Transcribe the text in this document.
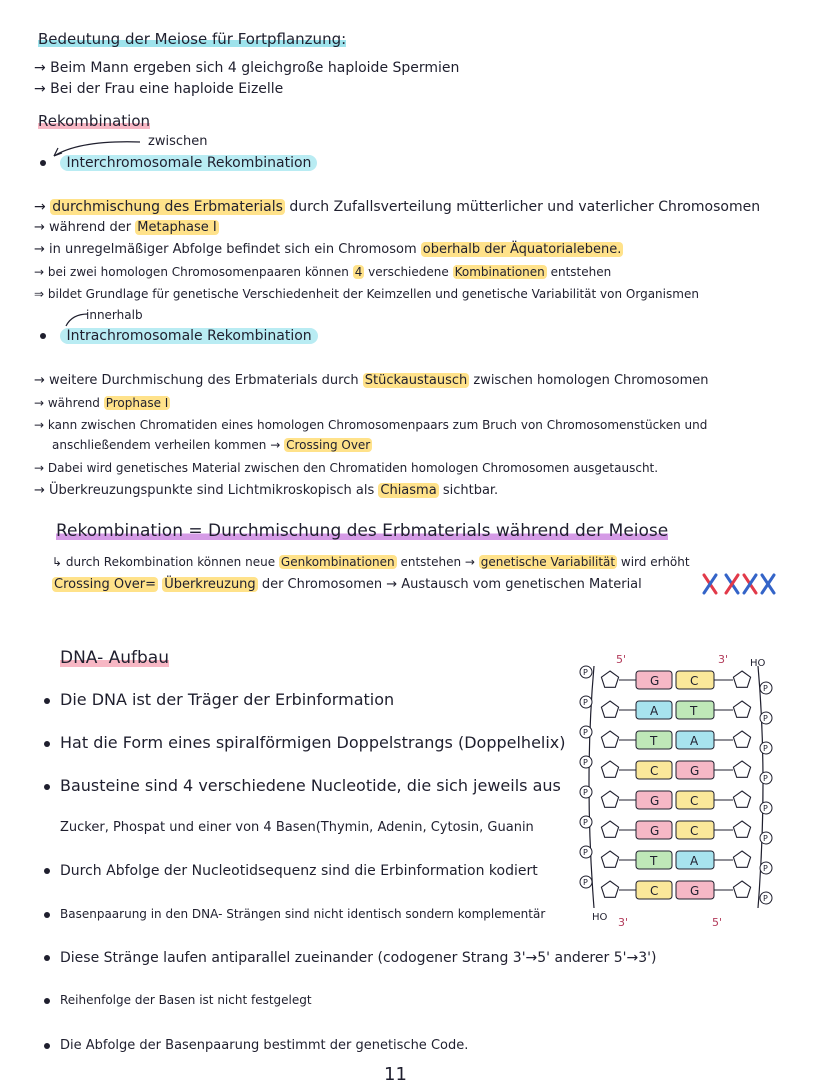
Bedeutung der Meiose für Fortpflanzung:
→ Beim Mann ergeben sich 4 gleichgroße haploide Spermien
→ Bei der Frau eine haploide Eizelle
Rekombination
zwischen
Interchromosomale Rekombination
→ durchmischung des Erbmaterials durch Zufallsverteilung mütterlicher und vaterlicher Chromosomen
→ während der Metaphase I
→ in unregelmäßiger Abfolge befindet sich ein Chromosom oberhalb der Äquatorialebene.
→ bei zwei homologen Chromosomenpaaren können 4 verschiedene Kombinationen entstehen
⇒ bildet Grundlage für genetische Verschiedenheit der Keimzellen und genetische Variabilität von Organismen
innerhalb
Intrachromosomale Rekombination
→ weitere Durchmischung des Erbmaterials durch Stückaustausch zwischen homologen Chromosomen
→ während Prophase I
→ kann zwischen Chromatiden eines homologen Chromosomenpaars zum Bruch von Chromosomenstücken und
anschließendem verheilen kommen → Crossing Over
→ Dabei wird genetisches Material zwischen den Chromatiden homologen Chromosomen ausgetauscht.
→ Überkreuzungspunkte sind Lichtmikroskopisch als Chiasma sichtbar.
Rekombination = Durchmischung des Erbmaterials während der Meiose
↳ durch Rekombination können neue Genkombinationen entstehen → genetische Variabilität wird erhöht
Crossing Over= Überkreuzung der Chromosomen → Austausch vom genetischen Material
DNA- Aufbau
Die DNA ist der Träger der Erbinformation
Hat die Form eines spiralförmigen Doppelstrangs (Doppelhelix)
Bausteine sind 4 verschiedene Nucleotide, die sich jeweils aus
Zucker, Phospat und einer von 4 Basen(Thymin, Adenin, Cytosin, Guanin
Durch Abfolge der Nucleotidsequenz sind die Erbinformation kodiert
Basenpaarung in den DNA- Strängen sind nicht identisch sondern komplementär
Diese Stränge laufen antiparallel zueinander (codogener Strang 3'→5' anderer 5'→3')
Reihenfolge der Basen ist nicht festgelegt
Die Abfolge der Basenpaarung bestimmt der genetische Code.
11
P
P
G	C
P
P
A	T
P
P
T	A
P
P
C	G
P
P
G	C
P
P
G	C
P
P
T	A
P
P
C	G
5'	3' HO
HO 3'	5'
